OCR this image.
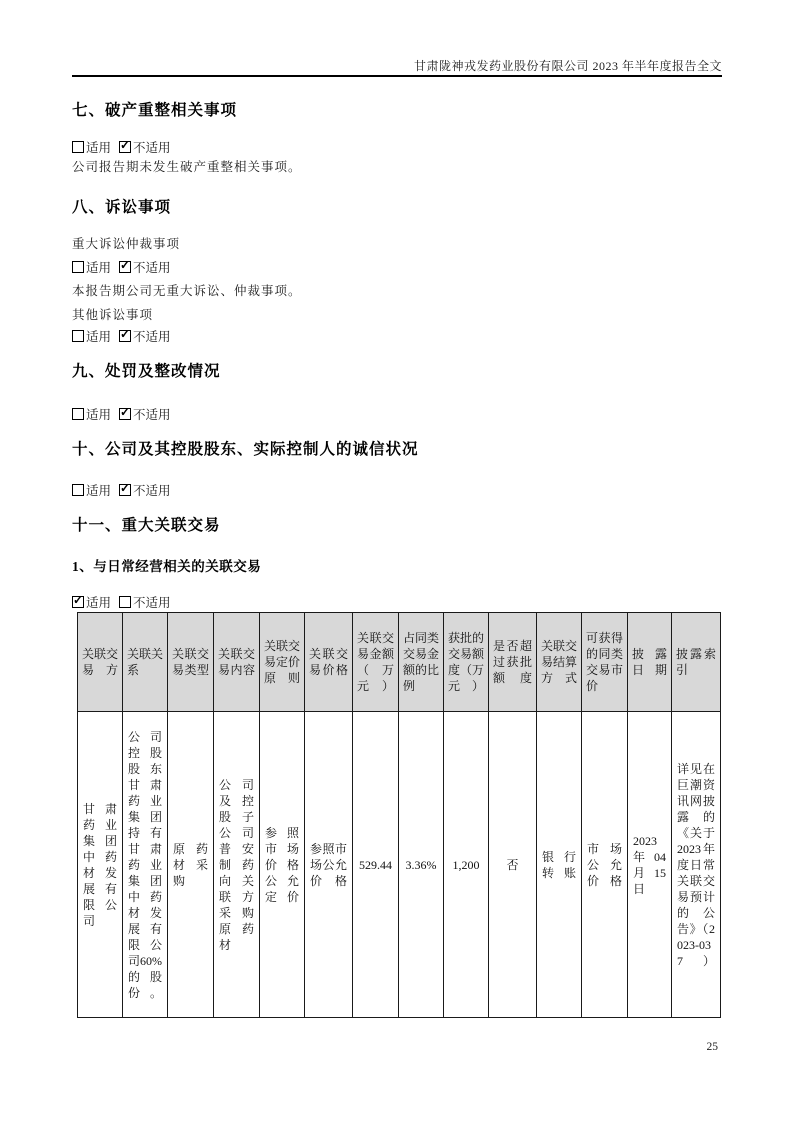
甘肃陇神戎发药业股份有限公司 2023 年半年度报告全文
七、破产重整相关事项
适用 ✓ 不适用
公司报告期未发生破产重整相关事项。
八、诉讼事项
重大诉讼仲裁事项
适用 ✓ 不适用
本报告期公司无重大诉讼、仲裁事项。
其他诉讼事项
适用 ✓ 不适用
九、处罚及整改情况
适用 ✓ 不适用
十、公司及其控股股东、实际控制人的诚信状况
适用 ✓ 不适用
十一、重大关联交易
1、与日常经营相关的关联交易
✓适用 不适用
关联交易方	关联关系	关联交易类型	关联交易内容	关联交易定价原则	关联交易价格	关联交易金额（万元）	占同类交易金额的比例	获批的交易额度（万元）	是否超过获批额度	关联交易结算方式	可获得的同类交易市价	披露日期	披露索引
甘肃药业集团中药材发展有限公司	公司控股股东甘肃药业集团持有甘肃药业集团中药材发展有限公司60%的股份。	原药材采购	公司及控股子公司普安制药向关联方采购原药材	参照市场价格公允定价	参照市场公允价格	529.44	3.36%	1,200	否	银行转账	市场公允价格	2023年04月15日	详见在巨潮资讯网披露的《关于2023年度日常关联交易预计的公告》（2023-037）
25
